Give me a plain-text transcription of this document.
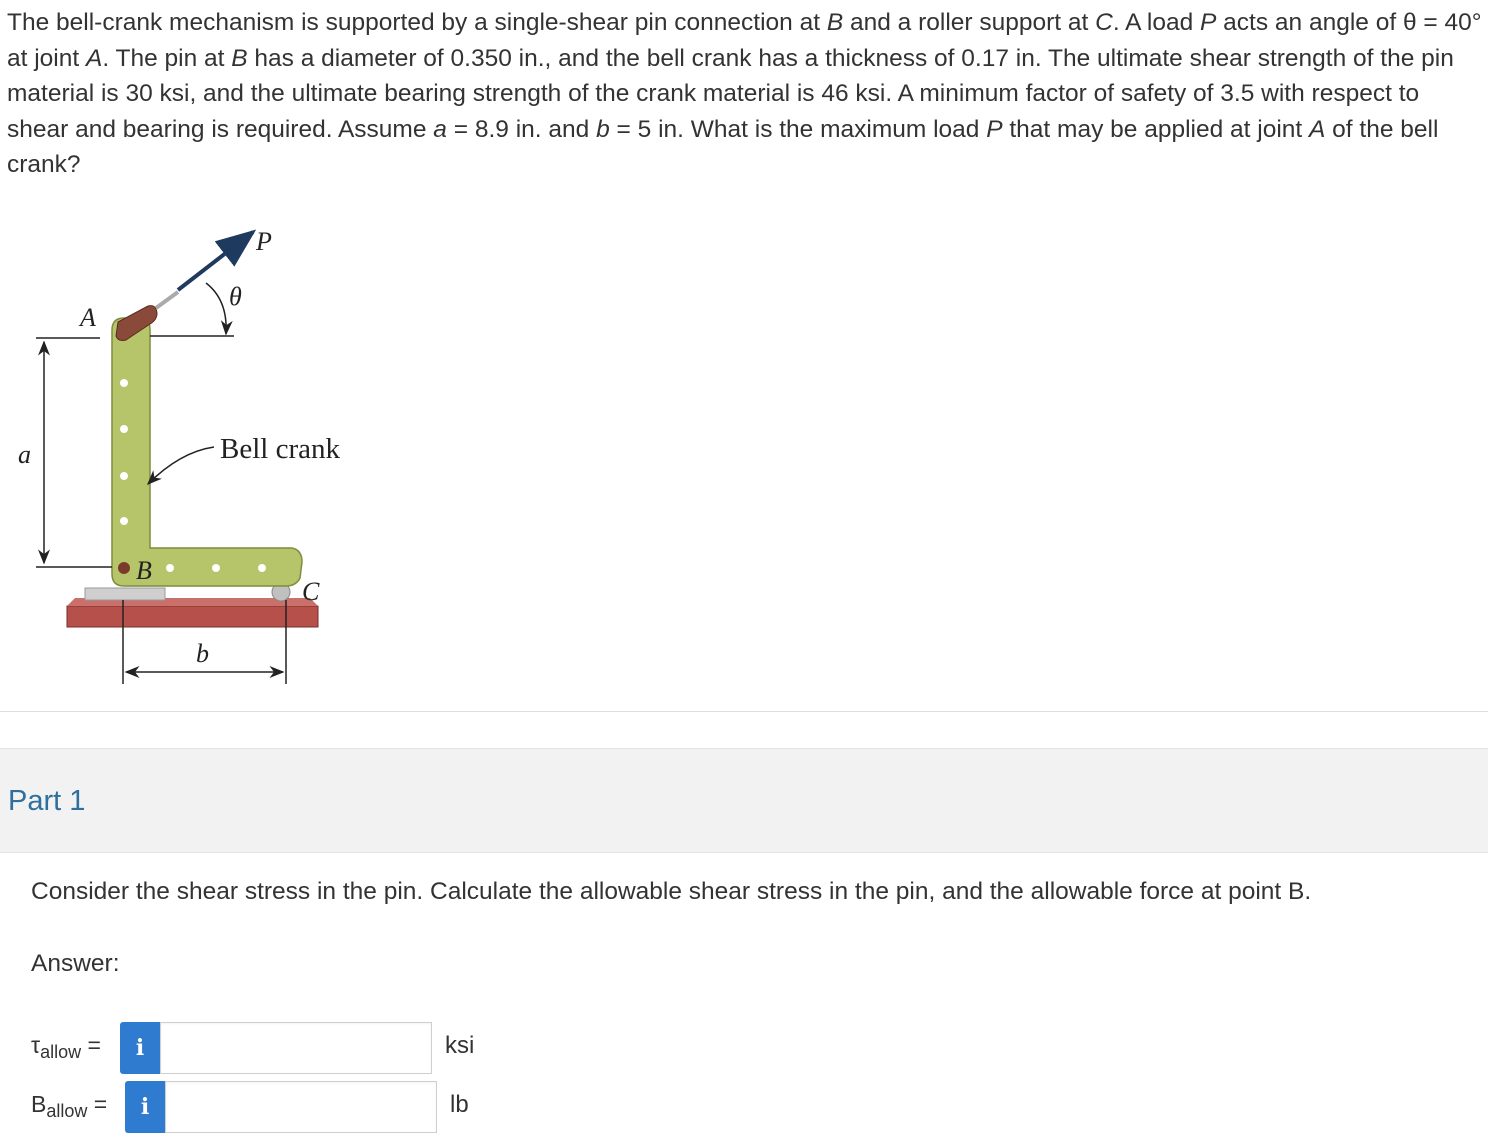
The bell-crank mechanism is supported by a single-shear pin connection at B and a roller support at C. A load P acts an angle of θ = 40° at joint A. The pin at B has a diameter of 0.350 in., and the bell crank has a thickness of 0.17 in. The ultimate shear strength of the pin material is 30 ksi, and the ultimate bearing strength of the crank material is 46 ksi. A minimum factor of safety of 3.5 with respect to shear and bearing is required. Assume a = 8.9 in. and b = 5 in. What is the maximum load P that may be applied at joint A of the bell crank?
P
θ
A
a	Bell crank
B
C
b
Part 1
Consider the shear stress in the pin. Calculate the allowable shear stress in the pin, and the allowable force at point B.
Answer:
$\tau_{allow}$ =	i	ksi
$B_{allow}$ =	i	lb
